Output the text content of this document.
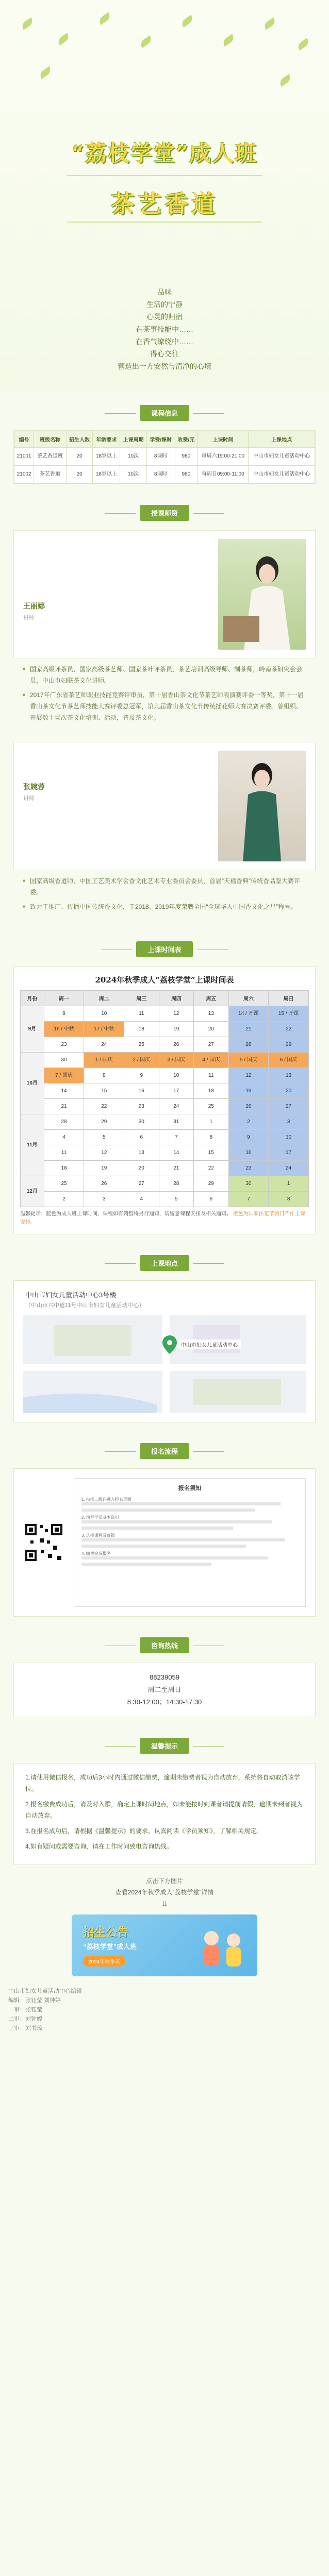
“荔枝学堂”成人班
茶艺香道
品味
生活的宁静
心灵的归宿
在茶事技能中……
在香气缭绕中……
得心交往
营造出一方安然与清净的心境
课程信息
编号	班级名称	招生人数	年龄要求	上课周期	学费/课时	收费/元	上课时间	上课地点
21001	茶艺香道班	20	18岁以上	10次	8课时	980	每周六19:00-21:00	中山市妇女儿童活动中心
21002	茶艺香道	20	18岁以上	10次	8课时	980	每周日09:00-11:00	中山市妇女儿童活动中心
授课师资
王丽娜
讲师
■ 国家高级评茶员、国家高级茶艺师、国家茶叶评茶员，茶艺培训高级导师、制茶师，岭南茶研究会会员，中山市妇联茶文化讲师。
■ 2017年广东省茶艺师职业技能竞赛评审员，第十届香山茶文化节茶艺师表演赛评委一等奖，第十一届香山茶文化节茶艺师技能大赛评委总冠军，第九届香山茶文化节传统插花师大赛决赛评委。曾组织、开展数十场次茶文化培训、活动，普及茶文化。
张婉蓉
讲师
■ 国家高级香道师，中国工艺美术学会香文化艺术专业委员会委员，首届“天禧香典”传统香品鉴大赛评委。
■ 致力于推广、传播中国传统香文化，于2018、2019年度荣膺全国“全球华人中国香文化之星”称号。
上课时间表
2024年秋季成人“荔枝学堂”上课时间表
月份	周一	周二	周三	周四	周五	周六	周日
9月	9	10	11	12	13	14 / 开课	15 / 开课
	16 / 中秋	17 / 中秋	18	19	20	21	22
	23	24	25	26	27	28	29
10月	30	1 / 国庆	2 / 国庆	3 / 国庆	4 / 国庆	5 / 国庆	6 / 国庆
	7 / 国庆	8	9	10	11	12	13
	14	15	16	17	18	19	20
	21	22	23	24	25	26	27
11月	28	29	30	31	1	2	3
	4	5	6	7	8	9	10
	11	12	13	14	15	16	17
	18	19	20	21	22	23	24
12月	25	26	27	28	29	30	1
	2	3	4	5	6	7	8
温馨提示：蓝色为成人班上课时间，课程如有调整将另行通知，请留意课程安排及相关通知。 橙色为国家法定节假日不作上课安排。
上课地点
中山市妇女儿童活动中心3号楼
（中山市兴中道11号中山市妇女儿童活动中心）
中山市妇女儿童活动中心
报名流程
报名须知
1. 扫描二维码进入报名页面
2. 填写学员基本资料
3. 选择课程及班级
4. 缴费完成报名
咨询热线
88239059
周二至周日
8:30-12:00；14:30-17:30
温馨提示

1.请使用微信报名，成功后3小时内通过微信缴费，逾期未缴费者视为自动放弃，系统将自动取消该学位。

2.报名缴费成功后，请及时入群，确定上课时间地点，如未能按时到课者请提前请假，逾期未到者视为自动放弃。

3.在报名成功后，请根据《温馨提示》的要求，认真阅读《学员须知》，了解相关规定。

4.如有疑问或需要咨询，请在工作时间致电咨询热线。

点击下方图片
查看2024年秋季成人“荔枝学堂”详情
⇊
招生公告
“荔枝学堂”成人班
2024年秋季班
中山市妇女儿童活动中心编辑
编辑：张钰莹 刘钟婷
一审：张钰莹
二审：刘钟婷
三审：刘书琼
